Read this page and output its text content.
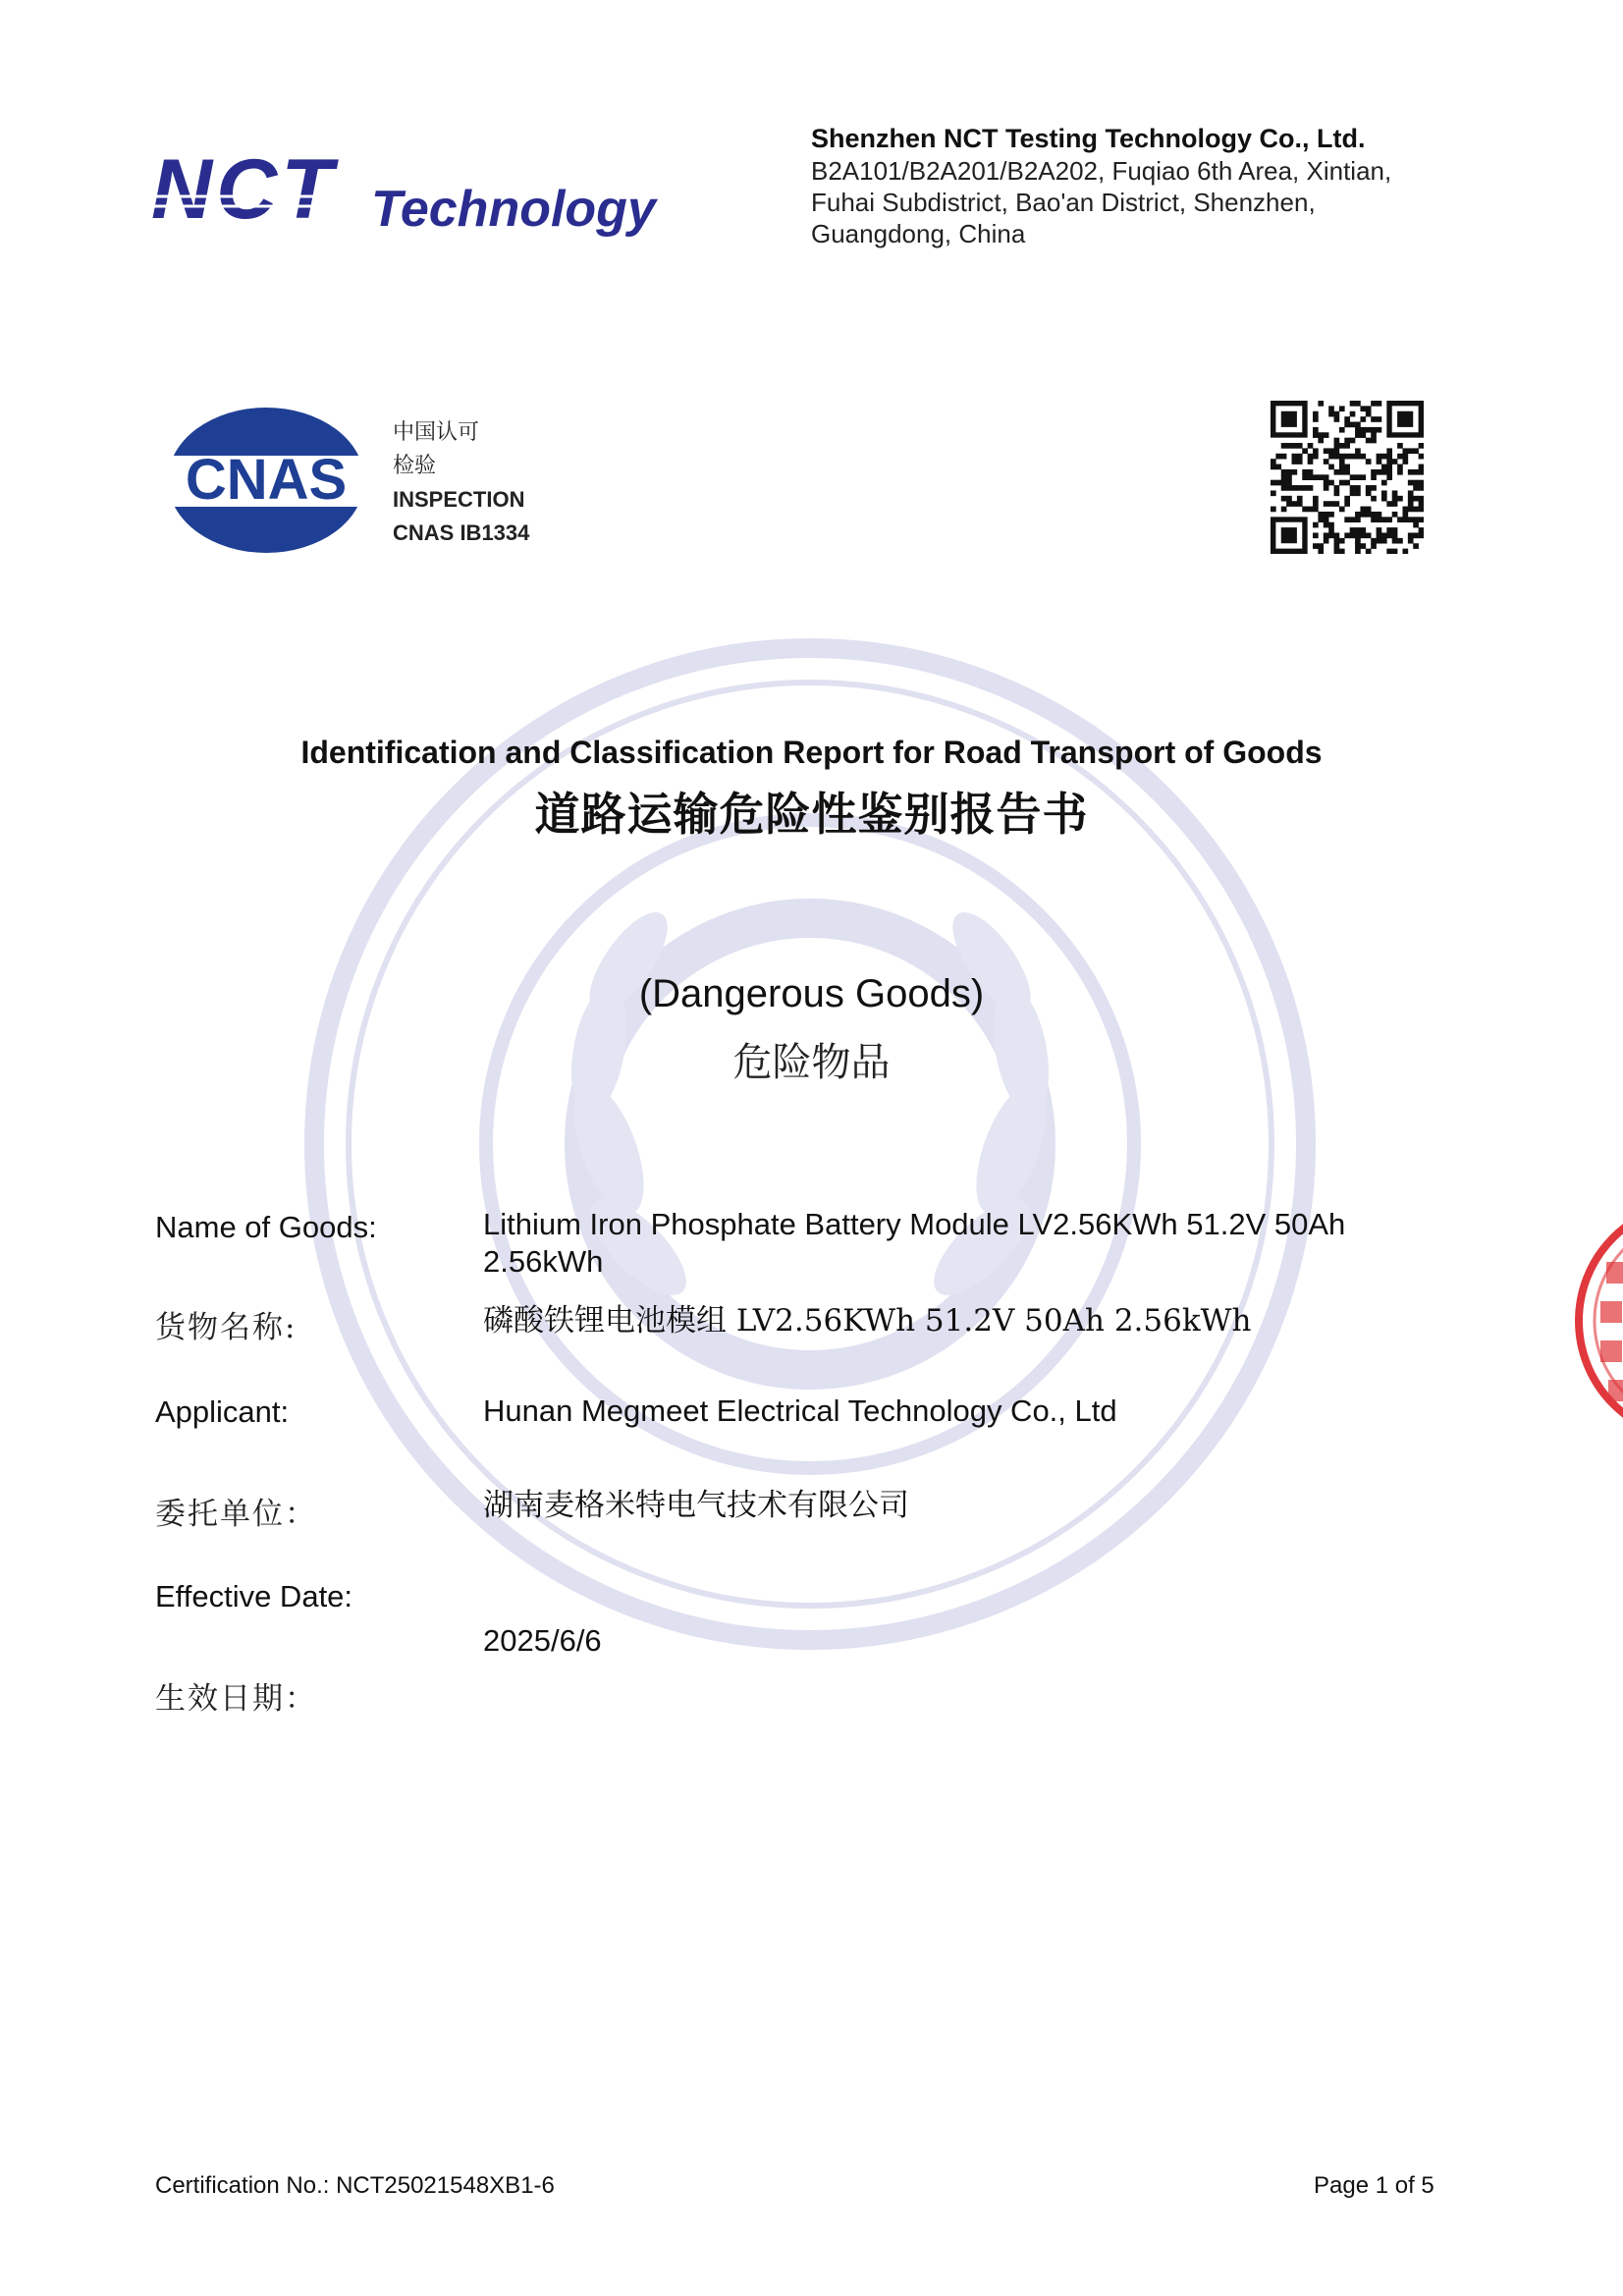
NCT Technology
Shenzhen NCT Testing Technology Co., Ltd.
B2A101/B2A201/B2A202, Fuqiao 6th Area, Xintian,
Fuhai Subdistrict, Bao'an District, Shenzhen,
Guangdong, China
CNAS
中国认可
检验
INSPECTION
CNAS IB1334
Identification and Classification Report for Road Transport of Goods
道路运输危险性鉴别报告书
(Dangerous Goods)
危险物品
Name of Goods:	Lithium Iron Phosphate Battery Module LV2.56KWh 51.2V 50Ah
2.56kWh
货物名称:	磷酸铁锂电池模组 LV2.56KWh 51.2V 50Ah 2.56kWh
Applicant:	Hunan Megmeet Electrical Technology Co., Ltd
委托单位：	湖南麦格米特电气技术有限公司
Effective Date:
2025/6/6
生效日期：
Certification No.: NCT25021548XB1-6	Page 1 of 5
